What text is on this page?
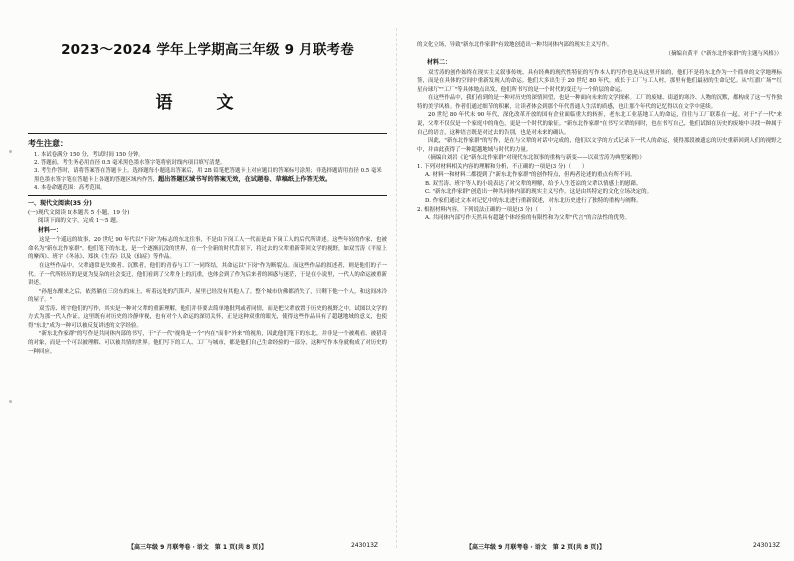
2023～2024 学年上学期高三年级 9 月联考卷
语文
考生注意：

1. 本试卷满分 150 分，考试时间 150 分钟。

2. 答题前，考生务必用直径 0.5 毫米黑色墨水签字笔将密封线内项目填写清楚。

3. 考生作答时，请将答案答在答题卡上。选择题每小题选出答案后，用 2B 铅笔把答题卡上对应题目的答案标号涂黑；非选择题请用直径 0.5 毫米黑色墨水签字笔在答题卡上各题的答题区域内作答，超出答题区域书写的答案无效，在试题卷、草稿纸上作答无效。

4. 本卷命题范围：高考范围。

一、现代文阅读(35 分)

(一)现代文阅读 I(本题共 5 小题，19 分)

阅读下面的文字，完成 1～5 题。

材料一：

这是一个遥远的故事，20 世纪 90 年代以"下岗"为标志的东北往事，不是由下岗工人一代而是由下岗工人的后代所讲述。这些年轻的作家，也被命名为"新东北作家群"。他们笔下的东北，是一个逐渐沉没的世界，在一个全新的时代背景下，将过去的父辈重新带回文学的视野，如双雪涛《平原上的摩西》、班宇《冬泳》、郑执《生吞》以及《仙症》等作品。

在这些作品中，父辈通常是失败者、沉默者，他们的青春与工厂一同终结，其命运以"下岗"作为断裂点。而这些作品的叙述者，则是他们的子一代。子一代所经历的是更为复杂的社会变迁，他们看到了父辈身上的沉重，也体会到了作为后来者的困惑与迷茫，于是在小说里，一代人的命运被重新讲述。

"孙旭东醒来之后，依然躺在三房东的床上，听着远处的汽笛声，屋里已经没有其他人了，整个城市仿佛都消失了，只剩下他一个人，和这间冰冷的屋子。"

双雪涛、班宇他们的写作，其实是一种对父辈的重新理解，他们并非要去简单地批判或者同情，而是把父辈放置于历史的视野之中，试图以文学的方式为那一代人作证。这里既有对历史的冷静审视，也有对个人命运的深切关怀，正是这种双重的眼光，使得这些作品具有了超越地域的意义，也使得"东北"成为一种可以被反复讲述的文学经验。

"新东北作家群"的写作是共同体内部的书写，于"子一代"视角是一个"内在"而非"外来"的视角，因此他们笔下的东北，并非是一个被观看、被猎奇的对象，而是一个可以被理解、可以被共情的世界。他们写下的工人、工厂与城市，都是他们自己生命经验的一部分，这种写作本身就构成了对历史的一种回应。

的文化立场，导致"新东北作家群"有效地创造出一种共同体内部的现实主义写作。

（摘编自黄平《"新东北作家群"的主题与风格》）

材料二：

双雪涛的创作始终在现实主义叙事传统、具有经典的现代性特征的写作本人的写作也是从这里开始的，他们不是将东北作为一个简单的文学地理标签，而是在具体的空间中重新发现人的命运。他们大多出生于 20 世纪 80 年代，成长于工厂与工人村，那里有他们最初的生命记忆。从"红旗广场""红星台球厅""工厂"等具体地点出发，他们所书写的是一个时代的变迁与一个阶层的命运。

在这些作品中，我们看到的是一种对历史的深情回望，也是一种面向未来的文学探索。工厂的废墟、街道的寒冷、人物的沉默，都构成了这一写作独特的美学风格。作者们通过细节的积累，让读者体会到那个年代普通人生活的质感，也让那个年代的记忆得以在文学中延续。

20 世纪 80 年代末 90 年代，深化改革开放的国有企业面临重大的转折，老东北工业基地工人的命运，往往与工厂联系在一起。对于"子一代"来说，父辈不仅仅是一个家庭中的角色，更是一个时代的象征。"新东北作家群"在书写父辈的同时，也在书写自己，他们试图在历史的废墟中寻找一种属于自己的语言，这种语言既是对过去的告别，也是对未来的确认。

因此，"新东北作家群"的写作，是在与父辈的对话中完成的，他们以文学的方式记录下一代人的命运，使得那段被遗忘的历史重新回到人们的视野之中，并由此获得了一种超越地域与时代的力量。

（摘编自刘岩《论"新东北作家群"对现代东北叙事的重构与新变——以双雪涛为典型案例》）

1. 下列对材料相关内容的理解和分析，不正确的一项是(3 分)（　　）

A. 材料一和材料二都提到了"新东北作家群"的创作特点，但两者论述的重点有所不同。

B. 双雪涛、班宇等人的小说表达了对父辈的理解，给予人生苍凉的父辈以情感上的慰藉。

C. "新东北作家群"创造出一种共同体内部的现实主义写作，这是由其特定的文化立场决定的。

D. 作家们通过文本对记忆中的东北进行重新叙述，对东北历史进行了独特的重构与阐释。

2. 根据材料内容，下列说法正确的一项是(3 分)（　　）

A. 共同体内部写作天然具有超越个体经验的有限性和为父辈"代言"的合法性的优势。

【高三年级 9 月联考卷 · 语文　第 1 页(共 8 页)】	243013Z	【高三年级 9 月联考卷 · 语文　第 2 页(共 8 页)】	243013Z
